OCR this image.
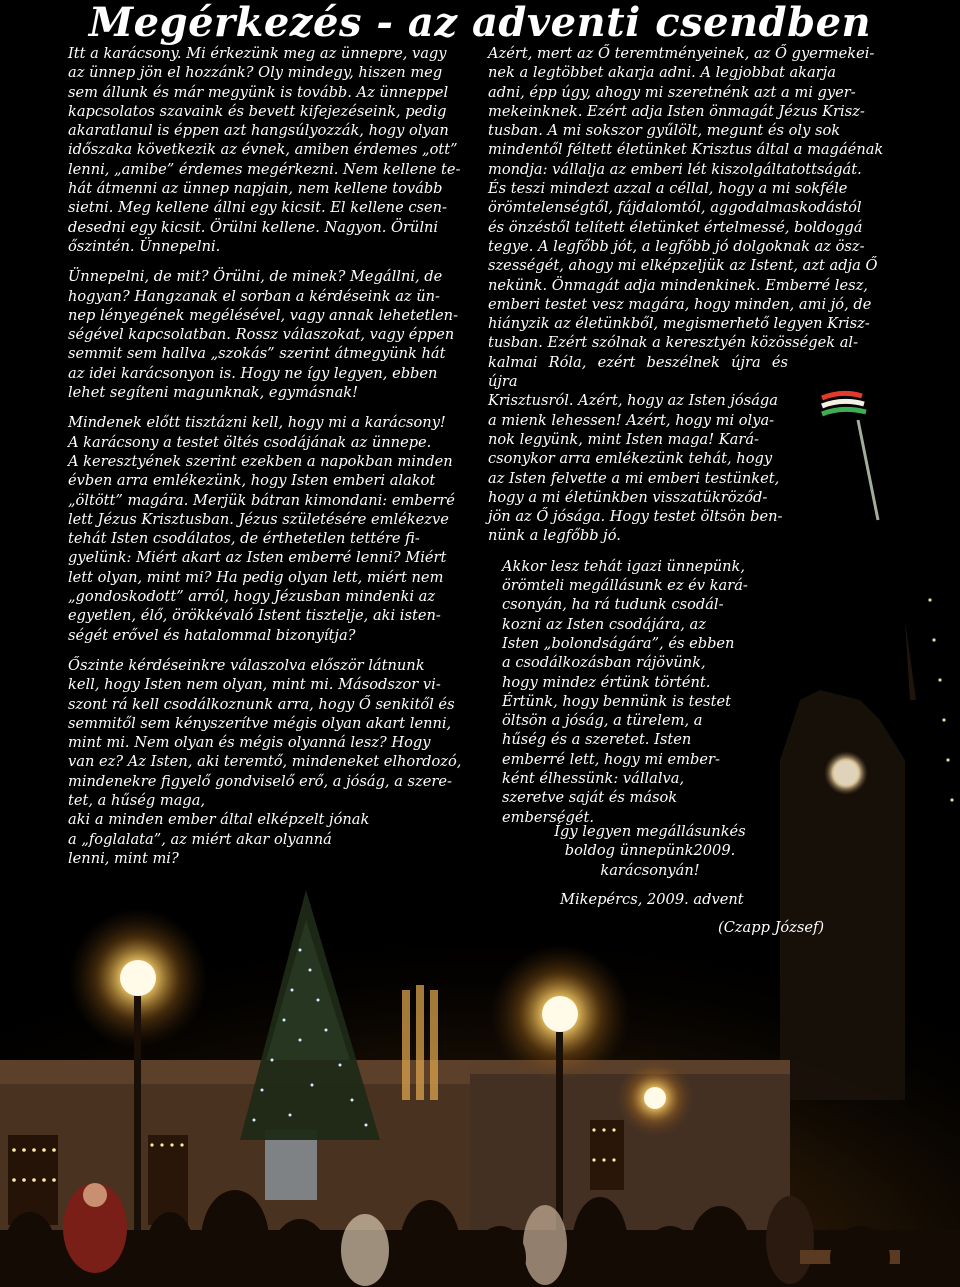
Megérkezés - az adventi csendben

Itt a karácsony. Mi érkezünk meg az ünnepre, vagy
az ünnep jön el hozzánk? Oly mindegy, hiszen meg
sem állunk és már megyünk is tovább. Az ünneppel
kapcsolatos szavaink és bevett kifejezéseink, pedig
akaratlanul is éppen azt hangsúlyozzák, hogy olyan
időszaka következik az évnek, amiben érdemes „ott”
lenni, „amibe” érdemes megérkezni. Nem kellene te-
hát átmenni az ünnep napjain, nem kellene tovább
sietni. Meg kellene állni egy kicsit. El kellene csen-
desedni egy kicsit. Örülni kellene. Nagyon. Örülni
őszintén. Ünnepelni.

Ünnepelni, de mit? Örülni, de minek? Megállni, de
hogyan? Hangzanak el sorban a kérdéseink az ün-
nep lényegének megélésével, vagy annak lehetetlen-
ségével kapcsolatban. Rossz válaszokat, vagy éppen
semmit sem hallva „szokás” szerint átmegyünk hát
az idei karácsonyon is. Hogy ne így legyen, ebben
lehet segíteni magunknak, egymásnak!

Mindenek előtt tisztázni kell, hogy mi a karácsony!
A karácsony a testet öltés csodájának az ünnepe.
A keresztyének szerint ezekben a napokban minden
évben arra emlékezünk, hogy Isten emberi alakot
„öltött” magára. Merjük bátran kimondani: emberré
lett Jézus Krisztusban. Jézus születésére emlékezve
tehát Isten csodálatos, de érthetetlen tettére fi-
gyelünk: Miért akart az Isten emberré lenni? Miért
lett olyan, mint mi? Ha pedig olyan lett, miért nem
„gondoskodott” arról, hogy Jézusban mindenki az
egyetlen, élő, örökkévaló Istent tisztelje, aki isten-
ségét erővel és hatalommal bizonyítja?

Őszinte kérdéseinkre válaszolva először látnunk
kell, hogy Isten nem olyan, mint mi. Másodszor vi-
szont rá kell csodálkoznunk arra, hogy Ő senkitől és
semmitől sem kényszerítve mégis olyan akart lenni,
mint mi. Nem olyan és mégis olyanná lesz? Hogy
van ez? Az Isten, aki teremtő, mindeneket elhordozó,
mindenekre figyelő gondviselő erő, a jóság, a szere-
tet, a hűség maga,
aki a minden ember által elképzelt jónak
a „foglalata”, az miért akar olyanná
lenni, mint mi?

Azért, mert az Ő teremtményeinek, az Ő gyermekei-
nek a legtöbbet akarja adni. A legjobbat akarja
adni, épp úgy, ahogy mi szeretnénk azt a mi gyer-
mekeinknek. Ezért adja Isten önmagát Jézus Krisz-
tusban. A mi sokszor gyűlölt, megunt és oly sok
mindentől féltett életünket Krisztus által a magáénak
mondja: vállalja az emberi lét kiszolgáltatottságát.
És teszi mindezt azzal a céllal, hogy a mi sokféle
örömtelenségtől, fájdalomtól, aggodalmaskodástól
és önzéstől telített életünket értelmessé, boldoggá
tegye. A legfőbb jót, a legfőbb jó dolgoknak az ösz-
szességét, ahogy mi elképzeljük az Istent, azt adja Ő
nekünk. Önmagát adja mindenkinek. Emberré lesz,
emberi testet vesz magára, hogy minden, ami jó, de
hiányzik az életünkből, megismerhető legyen Krisz-
tusban. Ezért szólnak a keresztyén közösségek al-
kalmai Róla, ezért beszélnek újra és újra
Krisztusról. Azért, hogy az Isten jósága
a mienk lehessen! Azért, hogy mi olya-
nok legyünk, mint Isten maga! Kará-
csonykor arra emlékezünk tehát, hogy
az Isten felvette a mi emberi testünket,
hogy a mi életünkben visszatükröződ-
jön az Ő jósága. Hogy testet öltsön ben-
nünk a legfőbb jó.

Akkor lesz tehát igazi ünnepünk,
örömteli megállásunk ez év kará-
csonyán, ha rá tudunk csodál-
kozni az Isten csodájára, az
Isten „bolondságára”, és ebben
a csodálkozásban rájövünk,
hogy mindez értünk történt.
Értünk, hogy bennünk is testet
öltsön a jóság, a türelem, a
hűség és a szeretet. Isten
emberré lett, hogy mi ember-
ként élhessünk: vállalva,
szeretve saját és mások
emberségét.

Így legyen megállásunkés boldog ünnepünk2009. karácsonyán!
Mikepércs, 2009. advent
(Czapp József)
